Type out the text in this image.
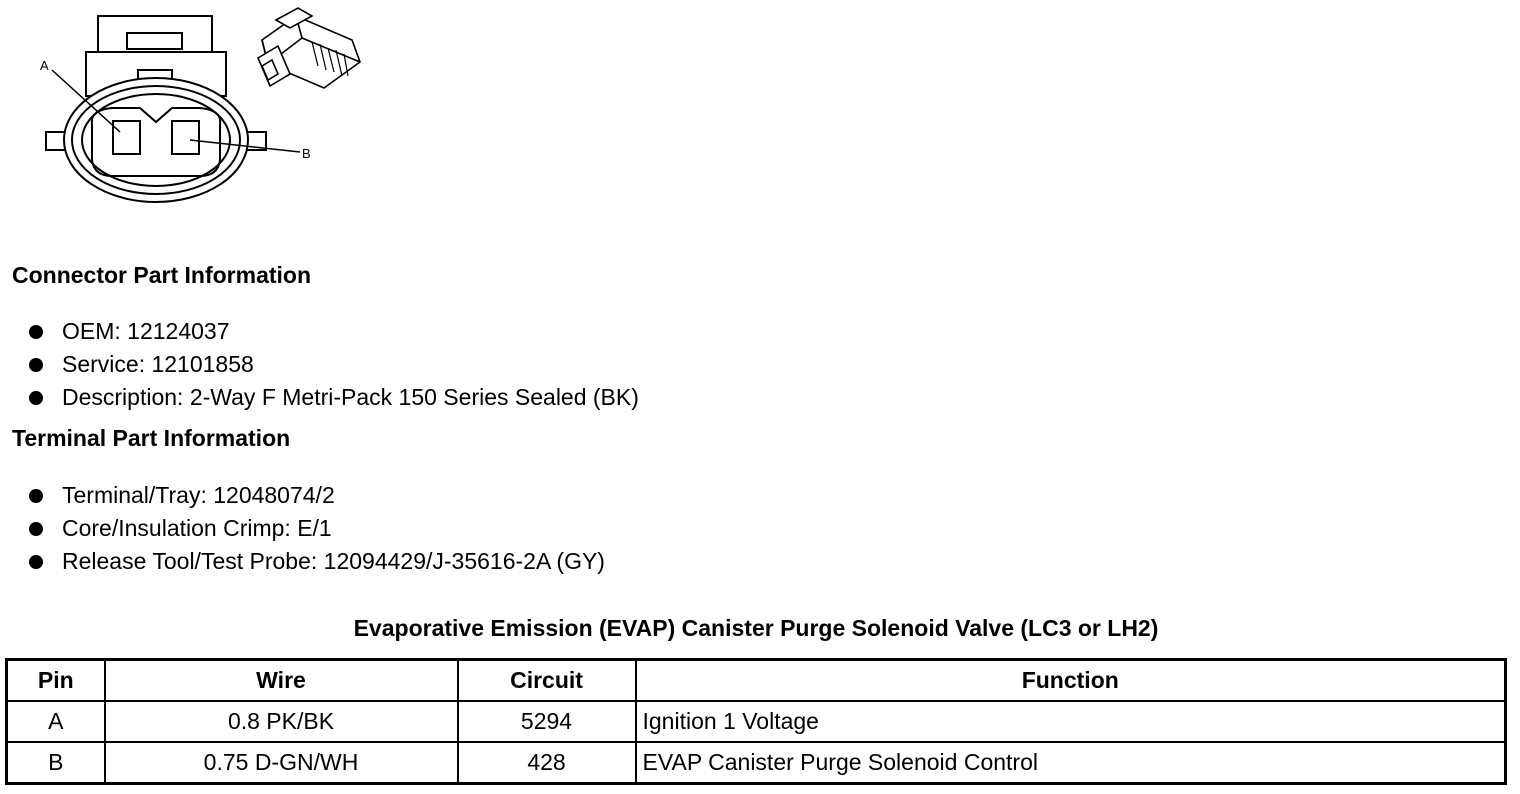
A
B
Connector Part Information
OEM: 12124037
Service: 12101858
Description: 2-Way F Metri-Pack 150 Series Sealed (BK)
Terminal Part Information
Terminal/Tray: 12048074/2
Core/Insulation Crimp: E/1
Release Tool/Test Probe: 12094429/J-35616-2A (GY)
Evaporative Emission (EVAP) Canister Purge Solenoid Valve (LC3 or LH2)
Pin	Wire	Circuit	Function
A	0.8 PK/BK	5294	Ignition 1 Voltage
B	0.75 D-GN/WH	428	EVAP Canister Purge Solenoid Control
